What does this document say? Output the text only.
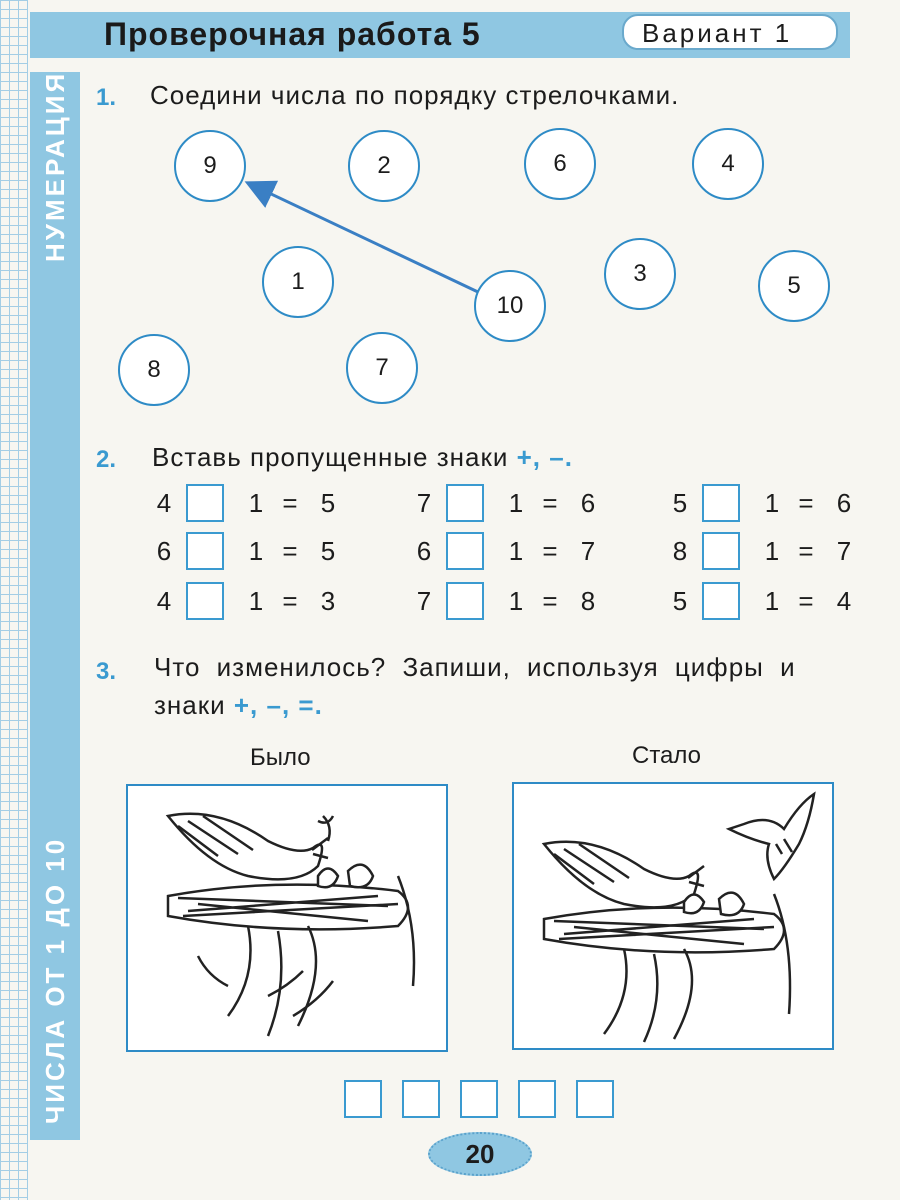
Проверочная работа 5	Вариант 1
НУМЕРАЦИЯ
ЧИСЛА ОТ 1 ДО 10
1. Соедини числа по порядку стрелочками.
9	2	6	4
1
10
3	5
8	7
2. Вставь пропущенные знаки +, –.
4	1 = 5	7	1 = 6	5	1 = 6
6	1 = 5	6	1 = 7	8	1 = 7
4	1 = 3	7	1 = 8	5	1 = 4
3. Что изменилось? Запиши, используя цифры и
знаки +, –, =.
Было	Стало
20
